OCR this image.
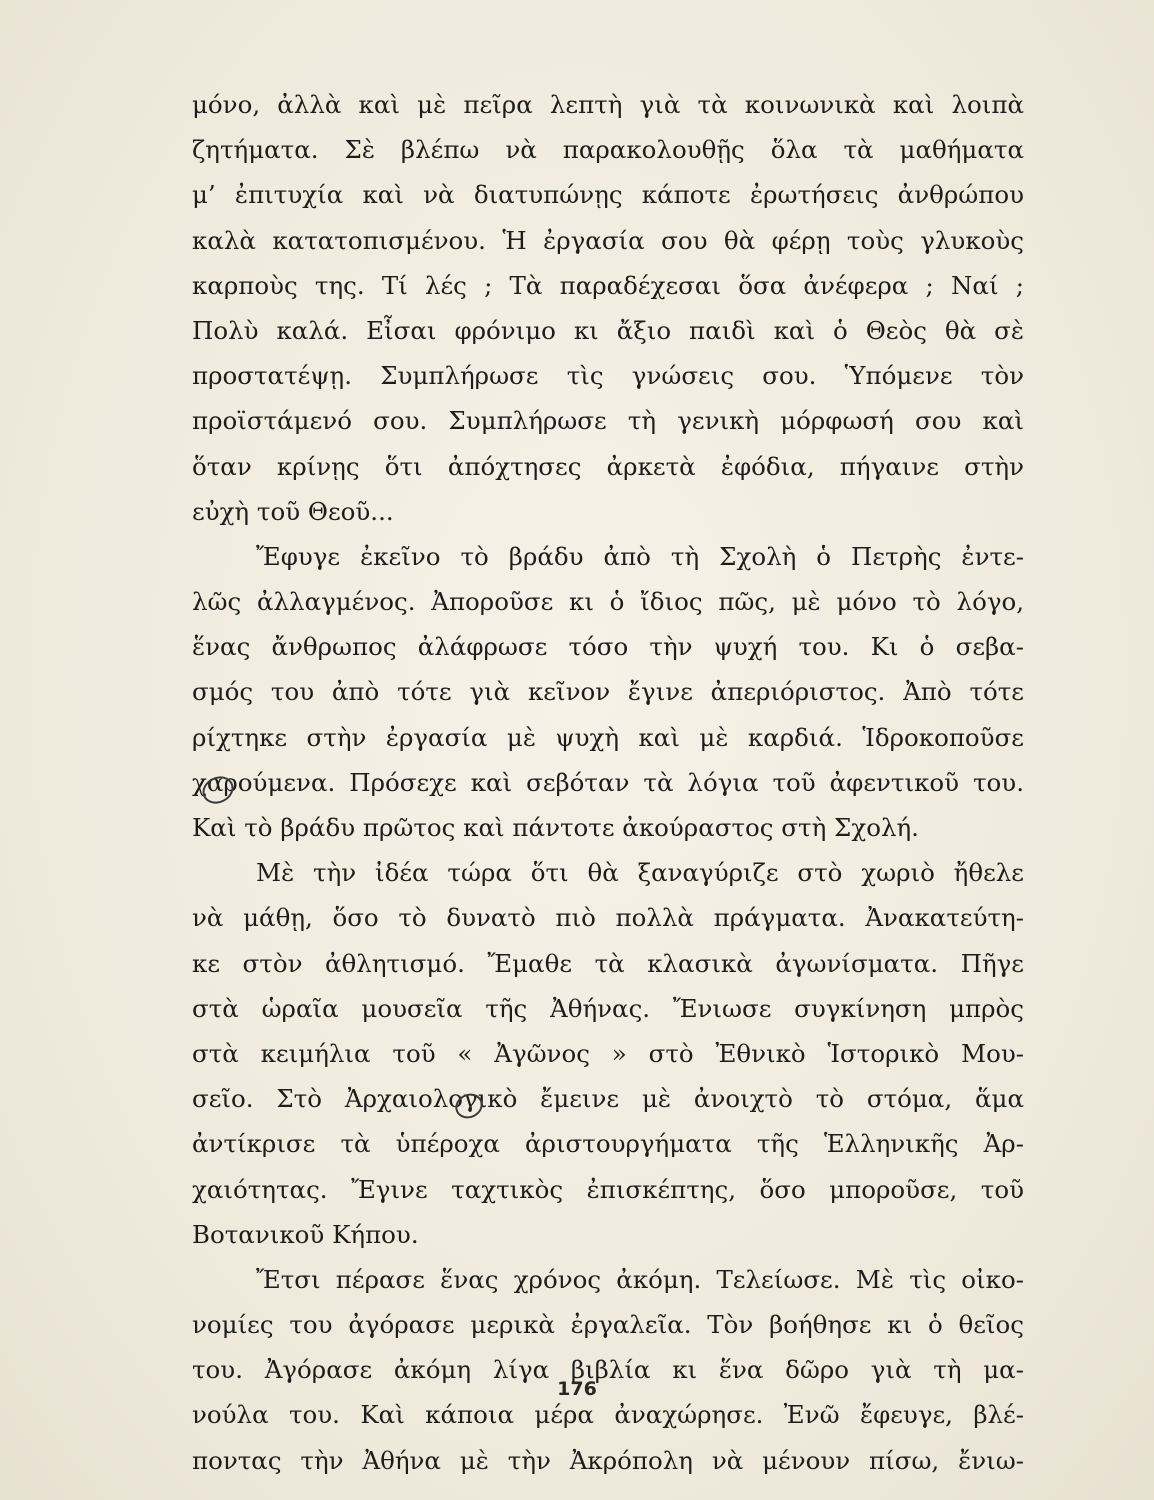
μόνο, ἀλλὰ καὶ μὲ πεῖρα λεπτὴ γιὰ τὰ κοινωνικὰ καὶ λοιπὰ
ζητήματα. Σὲ βλέπω νὰ παρακολουθῇς ὅλα τὰ μαθήματα
μ’ ἐπιτυχία καὶ νὰ διατυπώνῃς κάποτε ἐρωτήσεις ἀνθρώπου
καλὰ κατατοπισμένου. Ἡ ἐργασία σου θὰ φέρῃ τοὺς γλυκοὺς
καρποὺς της. Τί λές ; Τὰ παραδέχεσαι ὅσα ἀνέφερα ; Ναί ;
Πολὺ καλά. Εἶσαι φρόνιμο κι ἄξιο παιδὶ καὶ ὁ Θεὸς θὰ σὲ
προστατέψῃ. Συμπλήρωσε τὶς γνώσεις σου. Ὑπόμενε τὸν
προϊστάμενό σου. Συμπλήρωσε τὴ γενικὴ μόρφωσή σου καὶ
ὅταν κρίνῃς ὅτι ἀπόχτησες ἀρκετὰ ἐφόδια, πήγαινε στὴν
εὐχὴ τοῦ Θεοῦ...
Ἔφυγε ἐκεῖνο τὸ βράδυ ἀπὸ τὴ Σχολὴ ὁ Πετρὴς ἐντε-
λῶς ἀλλαγμένος. Ἀποροῦσε κι ὁ ἴδιος πῶς, μὲ μόνο τὸ λόγο,
ἕνας ἄνθρωπος ἀλάφρωσε τόσο τὴν ψυχή του. Κι ὁ σεβα-
σμός του ἀπὸ τότε γιὰ κεῖνον ἔγινε ἀπεριόριστος. Ἀπὸ τότε
ρίχτηκε στὴν ἐργασία μὲ ψυχὴ καὶ μὲ καρδιά. Ἱδροκοποῦσε
χαρούμενα. Πρόσεχε καὶ σεβόταν τὰ λόγια τοῦ ἀφεντικοῦ του.
Καὶ τὸ βράδυ πρῶτος καὶ πάντοτε ἀκούραστος στὴ Σχολή.
Μὲ τὴν ἰδέα τώρα ὅτι θὰ ξαναγύριζε στὸ χωριὸ ἤθελε
νὰ μάθῃ, ὅσο τὸ δυνατὸ πιὸ πολλὰ πράγματα. Ἀνακατεύτη-
κε στὸν ἀθλητισμό. Ἔμαθε τὰ κλασικὰ ἀγωνίσματα. Πῆγε
στὰ ὡραῖα μουσεῖα τῆς Ἀθήνας. Ἔνιωσε συγκίνηση μπρὸς
στὰ κειμήλια τοῦ « Ἀγῶνος » στὸ Ἐθνικὸ Ἱστορικὸ Μου-
σεῖο. Στὸ Ἀρχαιολογικὸ ἔμεινε μὲ ἀνοιχτὸ τὸ στόμα, ἅμα
ἀντίκρισε τὰ ὑπέροχα ἀριστουργήματα τῆς Ἑλληνικῆς Ἀρ-
χαιότητας. Ἔγινε ταχτικὸς ἐπισκέπτης, ὅσο μποροῦσε, τοῦ
Βοτανικοῦ Κήπου.
Ἔτσι πέρασε ἕνας χρόνος ἀκόμη. Τελείωσε. Μὲ τὶς οἰκο-
νομίες του ἀγόρασε μερικὰ ἐργαλεῖα. Τὸν βοήθησε κι ὁ θεῖος
του. Ἀγόρασε ἀκόμη λίγα βιβλία κι ἕνα δῶρο γιὰ τὴ μα-
νούλα του. Καὶ κάποια μέρα ἀναχώρησε. Ἐνῶ ἔφευγε, βλέ-
ποντας τὴν Ἀθήνα μὲ τὴν Ἀκρόπολη νὰ μένουν πίσω, ἔνιω-
176
